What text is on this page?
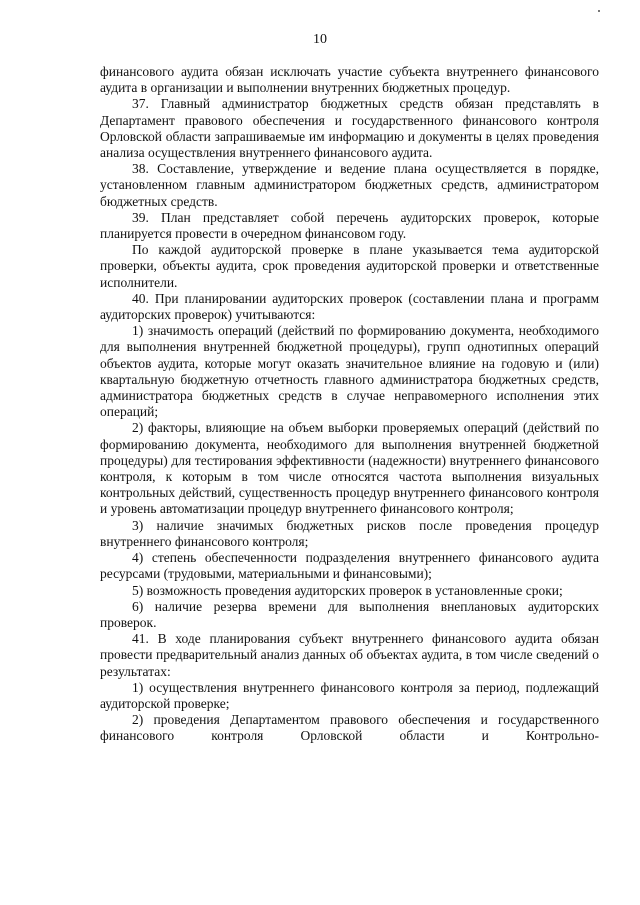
10

финансового аудита обязан исключать участие субъекта внутреннего финансового аудита в организации и выполнении внутренних бюджетных процедур.

37. Главный администратор бюджетных средств обязан представлять в Департамент правового обеспечения и государственного финансового контроля Орловской области запрашиваемые им информацию и документы в целях проведения анализа осуществления внутреннего финансового аудита.

38. Составление, утверждение и ведение плана осуществляется в порядке, установленном главным администратором бюджетных средств, администратором бюджетных средств.

39. План представляет собой перечень аудиторских проверок, которые планируется провести в очередном финансовом году.

По каждой аудиторской проверке в плане указывается тема аудиторской проверки, объекты аудита, срок проведения аудиторской проверки и ответственные исполнители.

40. При планировании аудиторских проверок (составлении плана и программ аудиторских проверок) учитываются:

1) значимость операций (действий по формированию документа, необходимого для выполнения внутренней бюджетной процедуры), групп однотипных операций объектов аудита, которые могут оказать значительное влияние на годовую и (или) квартальную бюджетную отчетность главного администратора бюджетных средств, администратора бюджетных средств в случае неправомерного исполнения этих операций;

2) факторы, влияющие на объем выборки проверяемых операций (действий по формированию документа, необходимого для выполнения внутренней бюджетной процедуры) для тестирования эффективности (надежности) внутреннего финансового контроля, к которым в том числе относятся частота выполнения визуальных контрольных действий, существенность процедур внутреннего финансового контроля и уровень автоматизации процедур внутреннего финансового контроля;

3) наличие значимых бюджетных рисков после проведения процедур внутреннего финансового контроля;

4) степень обеспеченности подразделения внутреннего финансового аудита ресурсами (трудовыми, материальными и финансовыми);

5) возможность проведения аудиторских проверок в установленные сроки;

6) наличие резерва времени для выполнения внеплановых аудиторских проверок.

41. В ходе планирования субъект внутреннего финансового аудита обязан провести предварительный анализ данных об объектах аудита, в том числе сведений о результатах:

1) осуществления внутреннего финансового контроля за период, подлежащий аудиторской проверке;

2) проведения Департаментом правового обеспечения и государственного финансового контроля Орловской области и Контрольно-
